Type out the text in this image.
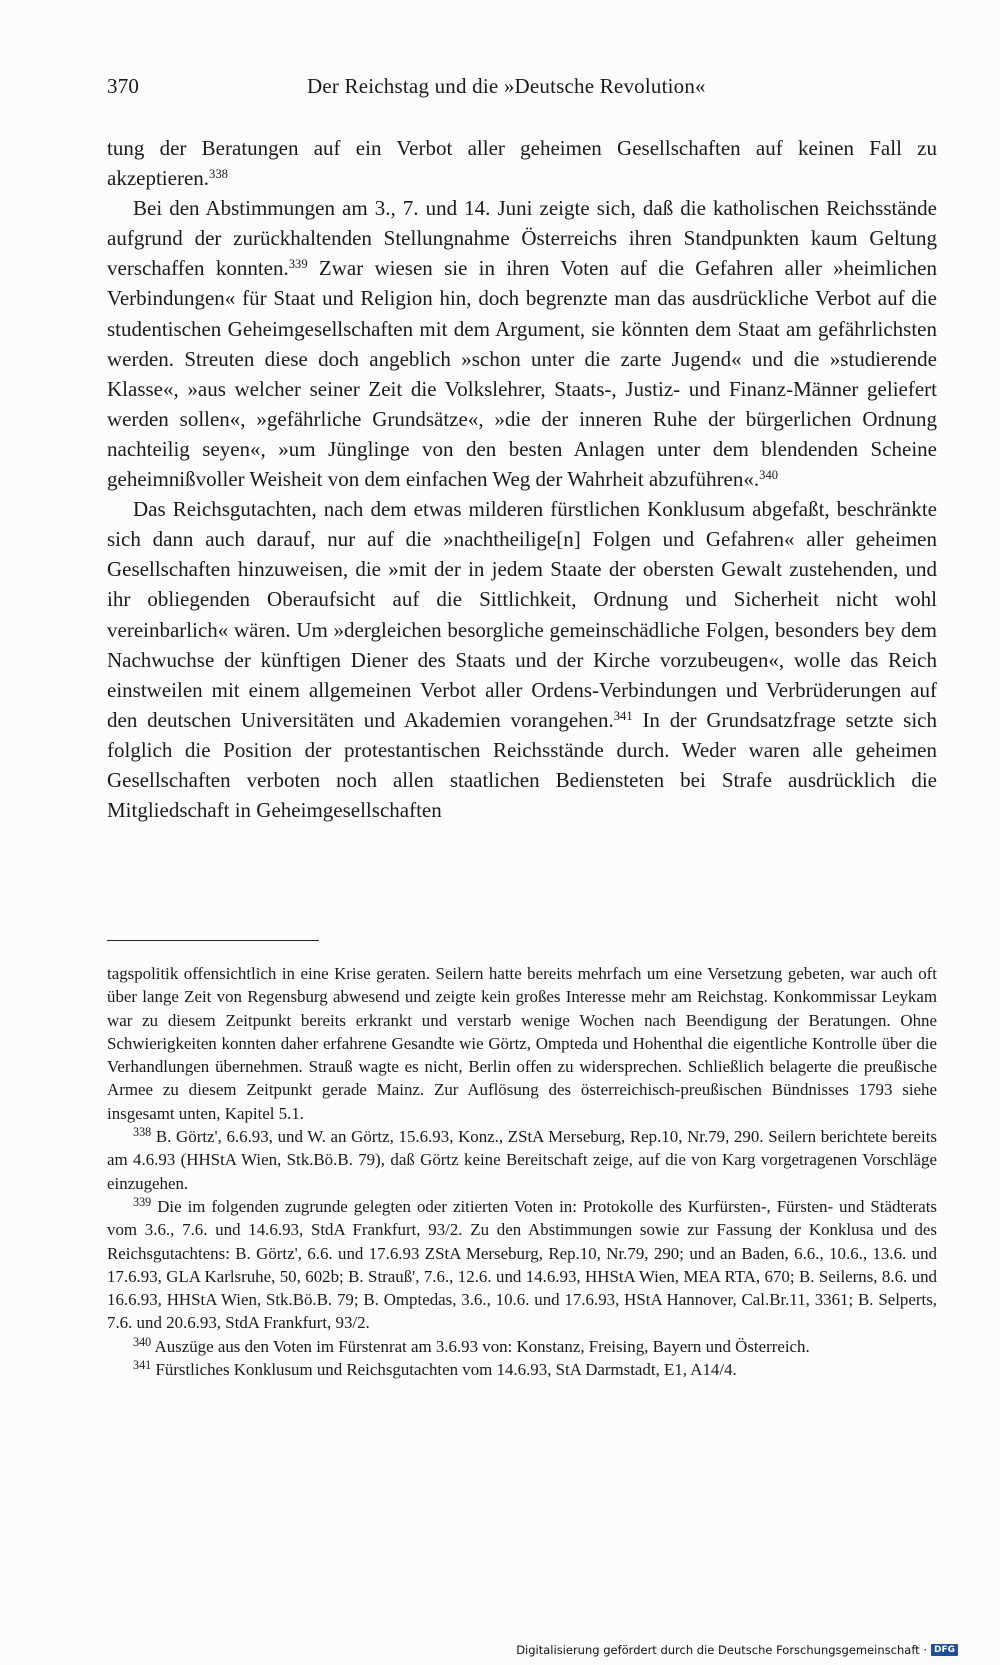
370	Der Reichstag und die »Deutsche Revolution«

tung der Beratungen auf ein Verbot aller geheimen Gesellschaften auf keinen Fall zu akzeptieren.$^{338}$

Bei den Abstimmungen am 3., 7. und 14. Juni zeigte sich, daß die katholischen Reichsstände aufgrund der zurückhaltenden Stellungnahme Österreichs ihren Standpunkten kaum Geltung verschaffen konnten.$^{339}$ Zwar wiesen sie in ihren Voten auf die Gefahren aller »heimlichen Verbindungen« für Staat und Religion hin, doch begrenzte man das ausdrückliche Verbot auf die studentischen Geheimgesellschaften mit dem Argument, sie könnten dem Staat am gefährlichsten werden. Streuten diese doch angeblich »schon unter die zarte Jugend« und die »studierende Klasse«, »aus welcher seiner Zeit die Volkslehrer, Staats-, Justiz- und Finanz-Männer geliefert werden sollen«, »gefährliche Grundsätze«, »die der inneren Ruhe der bürgerlichen Ordnung nachteilig seyen«, »um Jünglinge von den besten Anlagen unter dem blendenden Scheine geheimnißvoller Weisheit von dem einfachen Weg der Wahrheit abzuführen«.$^{340}$

Das Reichsgutachten, nach dem etwas milderen fürstlichen Konklusum abgefaßt, beschränkte sich dann auch darauf, nur auf die »nachtheilige[n] Folgen und Gefahren« aller geheimen Gesellschaften hinzuweisen, die »mit der in jedem Staate der obersten Gewalt zustehenden, und ihr obliegenden Oberaufsicht auf die Sittlichkeit, Ordnung und Sicherheit nicht wohl vereinbarlich« wären. Um »dergleichen besorgliche gemeinschädliche Folgen, besonders bey dem Nachwuchse der künftigen Diener des Staats und der Kirche vorzubeugen«, wolle das Reich einstweilen mit einem allgemeinen Verbot aller Ordens-Verbindungen und Verbrüderungen auf den deutschen Universitäten und Akademien vorangehen.$^{341}$ In der Grundsatzfrage setzte sich folglich die Position der protestantischen Reichsstände durch. Weder waren alle geheimen Gesellschaften verboten noch allen staatlichen Bediensteten bei Strafe ausdrücklich die Mitgliedschaft in Geheimgesellschaften

tagspolitik offensichtlich in eine Krise geraten. Seilern hatte bereits mehrfach um eine Versetzung gebeten, war auch oft über lange Zeit von Regensburg abwesend und zeigte kein großes Interesse mehr am Reichstag. Konkommissar Leykam war zu diesem Zeitpunkt bereits erkrankt und verstarb wenige Wochen nach Beendigung der Beratungen. Ohne Schwierigkeiten konnten daher erfahrene Gesandte wie Görtz, Ompteda und Hohenthal die eigentliche Kontrolle über die Verhandlungen übernehmen. Strauß wagte es nicht, Berlin offen zu widersprechen. Schließlich belagerte die preußische Armee zu diesem Zeitpunkt gerade Mainz. Zur Auflösung des österreichisch-preußischen Bündnisses 1793 siehe insgesamt unten, Kapitel 5.1.

$^{338}$ B. Görtz', 6.6.93, und W. an Görtz, 15.6.93, Konz., ZStA Merseburg, Rep.10, Nr.79, 290. Seilern berichtete bereits am 4.6.93 (HHStA Wien, Stk.Bö.B. 79), daß Görtz keine Bereitschaft zeige, auf die von Karg vorgetragenen Vorschläge einzugehen.

$^{339}$ Die im folgenden zugrunde gelegten oder zitierten Voten in: Protokolle des Kurfürsten-, Fürsten- und Städterats vom 3.6., 7.6. und 14.6.93, StdA Frankfurt, 93/2. Zu den Abstimmungen sowie zur Fassung der Konklusa und des Reichsgutachtens: B. Görtz', 6.6. und 17.6.93 ZStA Merseburg, Rep.10, Nr.79, 290; und an Baden, 6.6., 10.6., 13.6. und 17.6.93, GLA Karlsruhe, 50, 602b; B. Strauß', 7.6., 12.6. und 14.6.93, HHStA Wien, MEA RTA, 670; B. Seilerns, 8.6. und 16.6.93, HHStA Wien, Stk.Bö.B. 79; B. Omptedas, 3.6., 10.6. und 17.6.93, HStA Hannover, Cal.Br.11, 3361; B. Selperts, 7.6. und 20.6.93, StdA Frankfurt, 93/2.

$^{340}$ Auszüge aus den Voten im Fürstenrat am 3.6.93 von: Konstanz, Freising, Bayern und Österreich.

$^{341}$ Fürstliches Konklusum und Reichsgutachten vom 14.6.93, StA Darmstadt, E1, A14/4.

Digitalisierung gefördert durch die Deutsche Forschungsgemeinschaft · DFG
